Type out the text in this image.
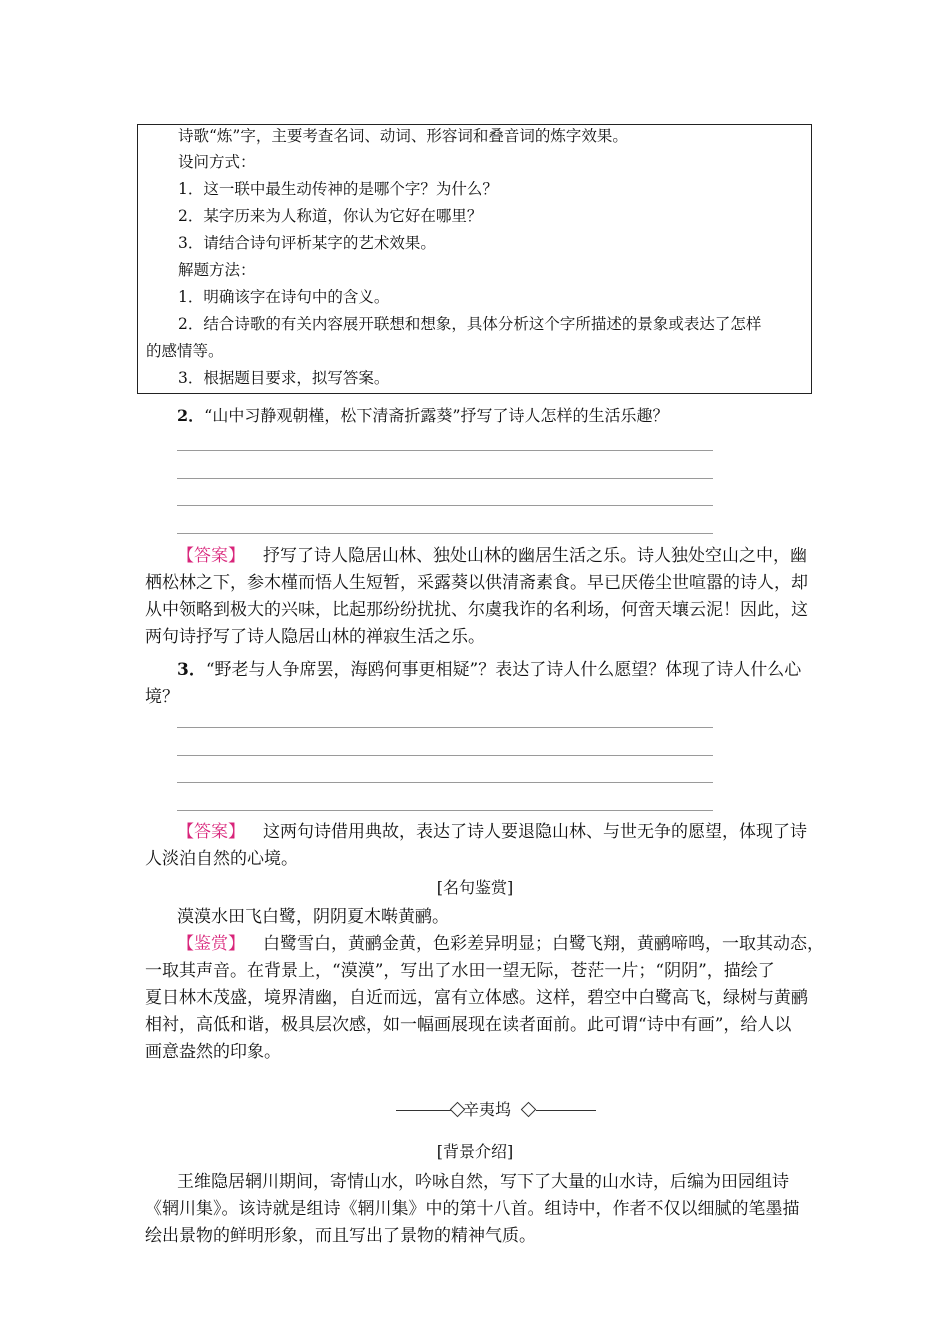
诗歌“炼”字，主要考查名词、动词、形容词和叠音词的炼字效果。
设问方式：
1．这一联中最生动传神的是哪个字？为什么？
2．某字历来为人称道，你认为它好在哪里？
3．请结合诗句评析某字的艺术效果。
解题方法：
1．明确该字在诗句中的含义。
2．结合诗歌的有关内容展开联想和想象，具体分析这个字所描述的景象或表达了怎样
的感情等。
3．根据题目要求，拟写答案。
2．“山中习静观朝槿，松下清斋折露葵”抒写了诗人怎样的生活乐趣？
【答案】 抒写了诗人隐居山林、独处山林的幽居生活之乐。诗人独处空山之中，幽
栖松林之下，参木槿而悟人生短暂，采露葵以供清斋素食。早已厌倦尘世喧嚣的诗人，却
从中领略到极大的兴味，比起那纷纷扰扰、尔虞我诈的名利场，何啻天壤云泥！因此，这
两句诗抒写了诗人隐居山林的禅寂生活之乐。
3．“野老与人争席罢，海鸥何事更相疑”？表达了诗人什么愿望？体现了诗人什么心
境？
【答案】 这两句诗借用典故，表达了诗人要退隐山林、与世无争的愿望，体现了诗
人淡泊自然的心境。
[名句鉴赏]
漠漠水田飞白鹭，阴阴夏木啭黄鹂。
【鉴赏】 白鹭雪白，黄鹂金黄，色彩差异明显；白鹭飞翔，黄鹂啼鸣，一取其动态，
一取其声音。在背景上，“漠漠”，写出了水田一望无际，苍茫一片；“阴阴”，描绘了
夏日林木茂盛，境界清幽，自近而远，富有立体感。这样，碧空中白鹭高飞，绿树与黄鹂
相衬，高低和谐，极具层次感，如一幅画展现在读者面前。此可谓“诗中有画”，给人以
画意盎然的印象。
辛夷坞
[背景介绍]
王维隐居辋川期间，寄情山水，吟咏自然，写下了大量的山水诗，后编为田园组诗
《辋川集》。该诗就是组诗《辋川集》中的第十八首。组诗中，作者不仅以细腻的笔墨描
绘出景物的鲜明形象，而且写出了景物的精神气质。
